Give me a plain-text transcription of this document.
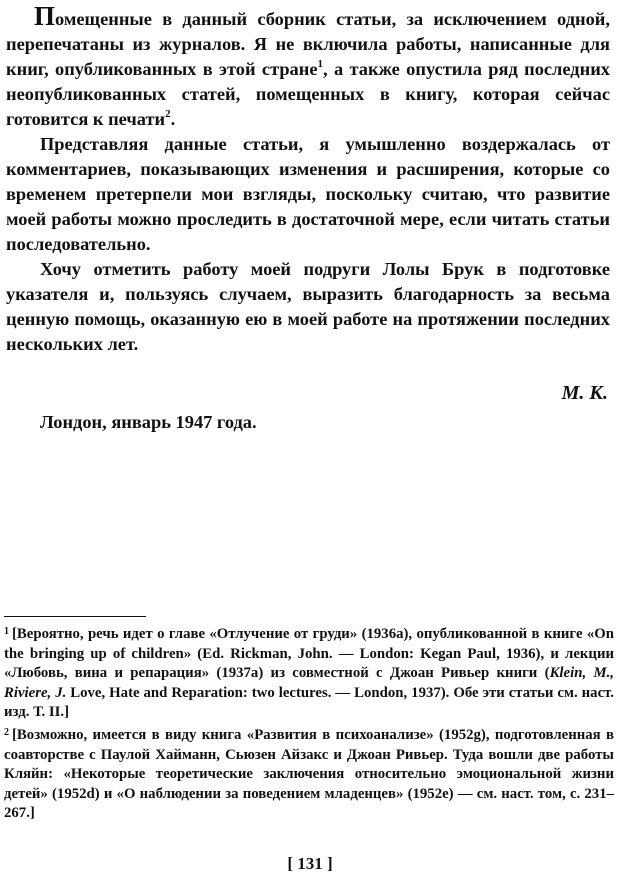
Помещенные в данный сборник статьи, за исключением одной, перепечатаны из журналов. Я не включила работы, написанные для книг, опубликованных в этой стране$^1$, а также опустила ряд последних неопубликованных статей, помещенных в книгу, которая сейчас готовится к печати$^2$.

Представляя данные статьи, я умышленно воздержалась от комментариев, показывающих изменения и расширения, которые со временем претерпели мои взгляды, поскольку считаю, что развитие моей работы можно проследить в достаточной мере, если читать статьи последовательно.

Хочу отметить работу моей подруги Лолы Брук в подготовке указателя и, пользуясь случаем, выразить благодарность за весьма ценную помощь, оказанную ею в моей работе на протяжении последних нескольких лет.

М. К.
Лондон, январь 1947 года.

$^1$ [Вероятно, речь идет о главе «Отлучение от груди» (1936a), опубликованной в книге «On the bringing up of children» (Ed. Rickman, John. — London: Kegan Paul, 1936), и лекции «Любовь, вина и репарация» (1937a) из совместной с Джоан Ривьер книги (Klein, M., Riviere, J. Love, Hate and Reparation: two lectures. — London, 1937). Обе эти статьи см. наст. изд. Т. II.]

$^2$ [Возможно, имеется в виду книга «Развития в психоанализе» (1952g), подготовленная в соавторстве с Паулой Хайманн, Сьюзен Айзакс и Джоан Ривьер. Туда вошли две работы Кляйн: «Некоторые теоретические заключения относительно эмоциональной жизни детей» (1952d) и «О наблюдении за поведением младенцев» (1952e) — см. наст. том, с. 231–267.]

[ 131 ]
